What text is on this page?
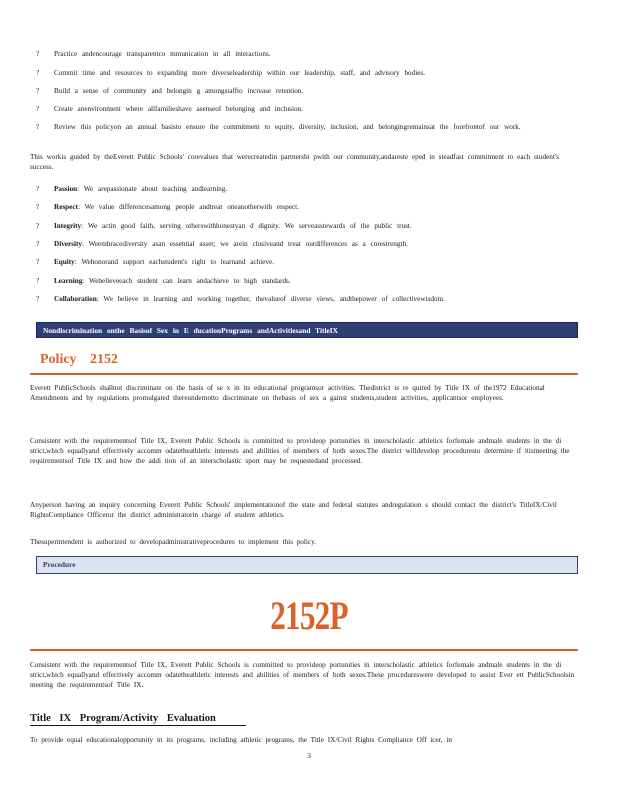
?	Practice andencourage transparentco mmunication in all interactions.
?	Commit time and resources to expanding more diverseleadership within our leadership, staff, and advisory bodies.
?	Build a sense of community and belongin g amongstaffto increase retention.
?	Create anenvironment where allfamilieshave asenseof belonging and inclusion.
?	Review this policyon an annual basisto ensure the commitment to equity, diversity, inclusion, and belongingremainsat the forefrontof our work.
This workis guided by theEverett Public Schools' corevalues that werecreatedin partnershi pwith our community,andareste eped in steadfast commitment to each student's success.
? Passion: We arepassionate about teaching andlearning.
? Respect: We value differencesamong people andtreat oneanotherwith respect.
? Integrity: We actin good faith, serving otherswithhonestyan d dignity. We serveasstewards of the public trust.
? Diversity: Weembracediversity asan essential asset; we arein clusiveand treat ourdifferences as a corestrength.
? Equity: Wehonorand support eachstudent's right to learnand achieve.
? Learning: Webelieveeach student can learn andachieve to high standards.
? Collaboration: We believe in learning and working together, thevalueof diverse views, andthepower of collectivewisdom.
Nondiscrimination onthe Basisof Sex in E ducationPrograms andActivitiesand TitleIX
Policy 2152
Everett PublicSchools shallnot discriminate on the basis of se x in its educational programsor activities. Thedistrict is re quired by Title IX of the1972 Educational Amendments and by regulations promulgated thereundernotto discriminate on thebasis of sex a gainst students,student activities, applicantsor employees.
Consistent with the requirementsof Title IX, Everett Public Schools is committed to provideop portunities in interscholastic athletics forfemale andmale students in the di strict,which equallyand effectively accomm odatetheathletic interests and abilities of members of both sexes.The district willdevelop proceduresto determine if itismeeting the requirementsof Title IX and how the addi tion of an interscholastic sport may be requestedand processed.
Anyperson having an inquiry concerning Everett Public Schools' implementationof the state and federal statutes andregulation s should contact the district's TitleIX/Civil RightsCompliance Officeror the district administratorin charge of student athletics.
Thesuperintendent is authorized to developadministrativeprocedures to implement this policy.
Procedure
2152P
Consistent with the requirementsof Title IX, Everett Public Schools is committed to provideop portunities in interscholastic athletics forfemale andmale students in the di strict,which equallyand effectively accomm odatetheathletic interests and abilities of members of both sexes.These procedureswere developed to assist Ever ett PublicSchoolsin meeting the requirementsof Title IX.
Title IX Program/Activity Evaluation
To provide equal educationalopportunity in its programs, including athletic programs, the Title IX/Civil Rights Compliance Off icer, in
3
